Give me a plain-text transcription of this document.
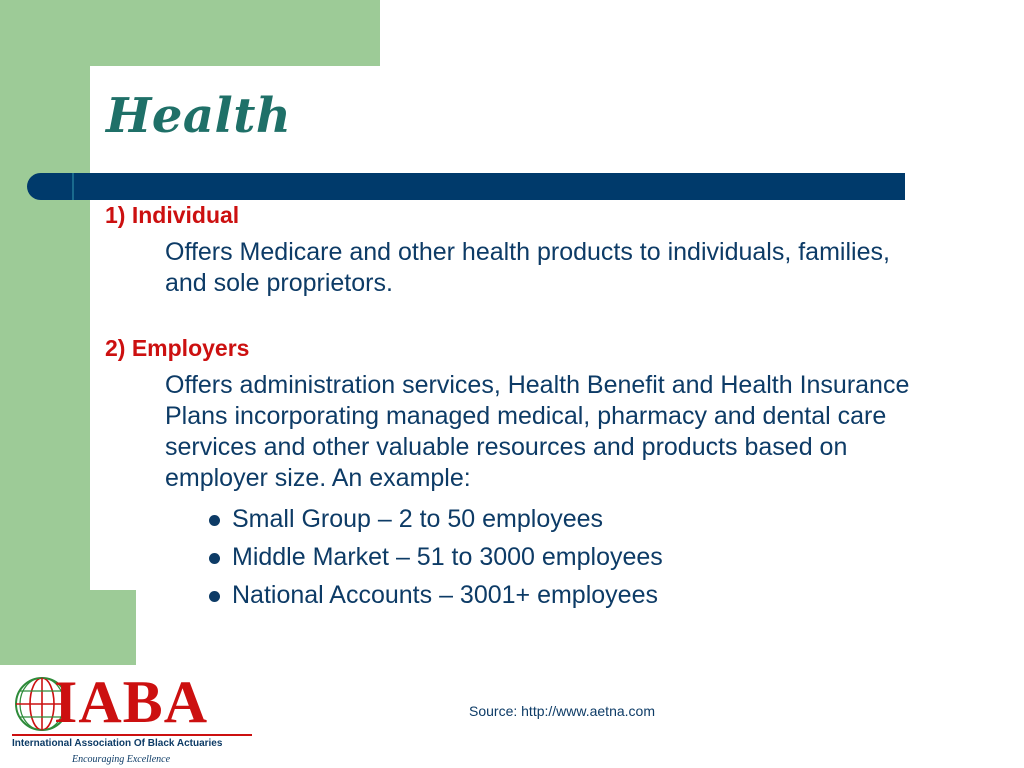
Health

1) Individual

Offers Medicare and other health products to individuals, families, and sole proprietors.

2) Employers

Offers administration services, Health Benefit and Health Insurance Plans incorporating managed medical, pharmacy and dental care services and other valuable resources and products based on employer size. An example:

Small Group – 2 to 50 employees
Middle Market – 51 to 3000 employees
National Accounts – 3001+ employees
Source: http://www.aetna.com

IABA

International Association Of Black Actuaries

Encouraging Excellence
